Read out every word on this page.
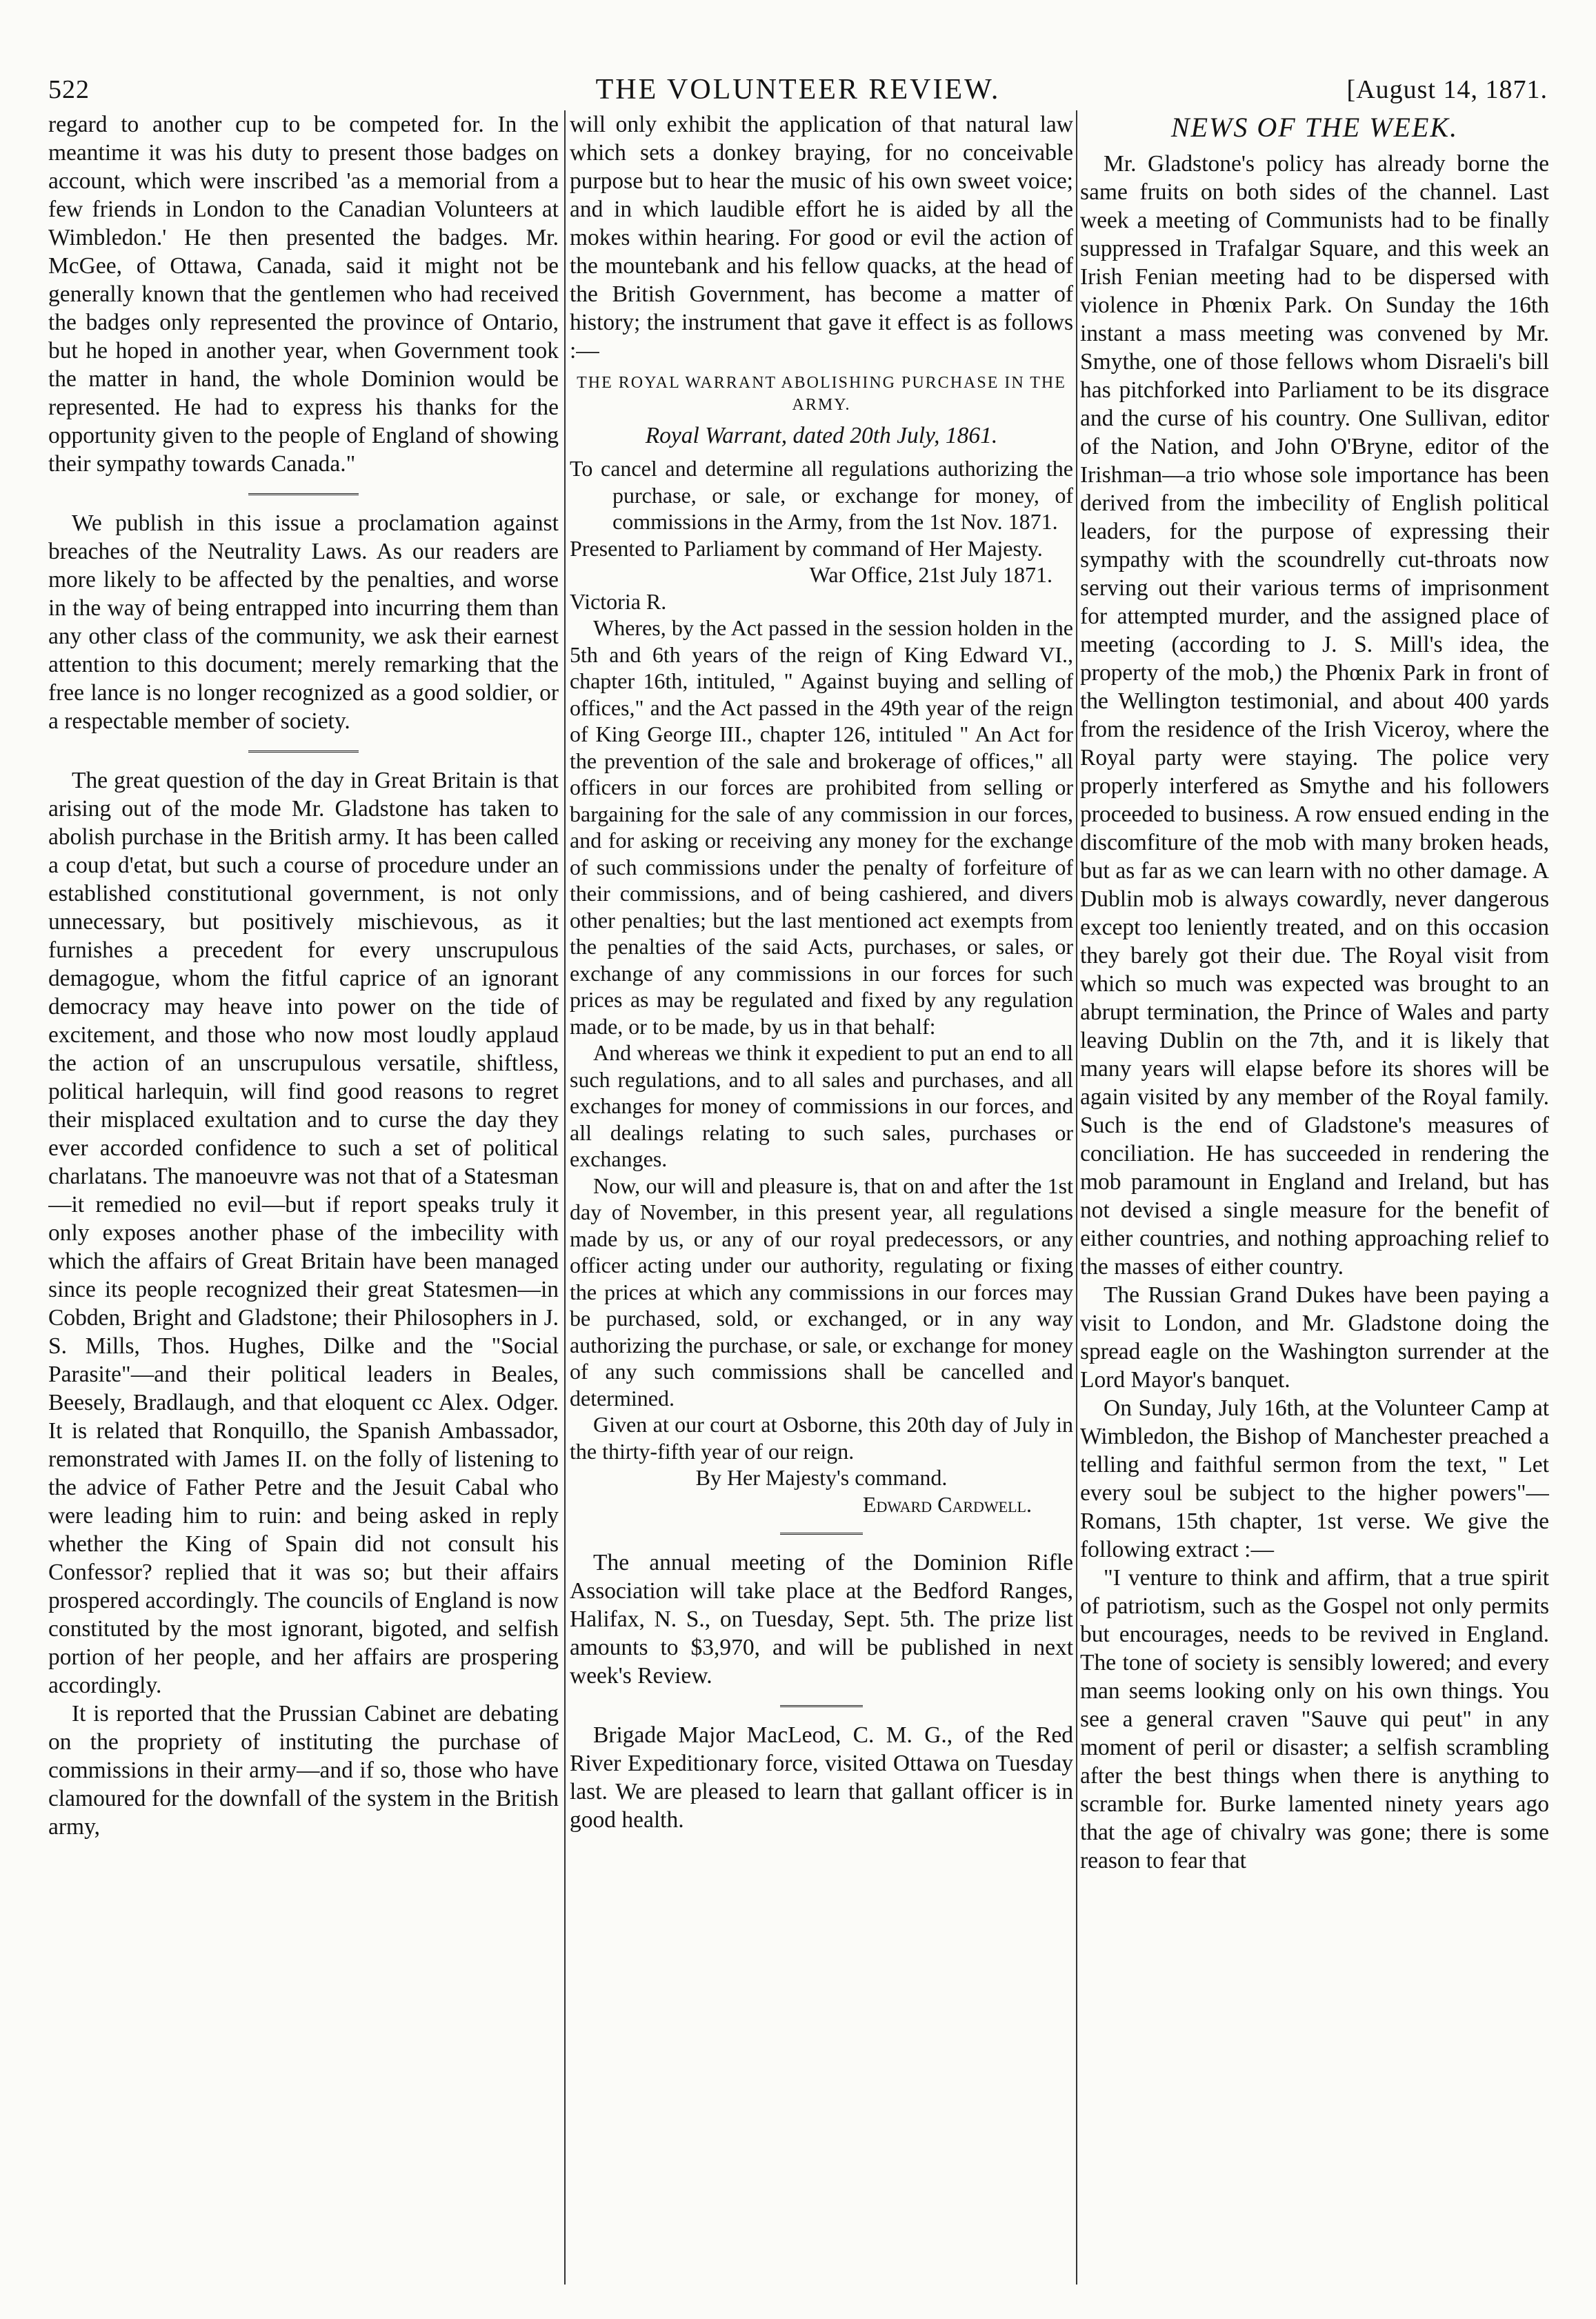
522	THE VOLUNTEER REVIEW.	[August 14, 1871.

regard to another cup to be competed for. In the meantime it was his duty to present those badges on account, which were inscribed 'as a memorial from a few friends in London to the Canadian Volunteers at Wimbledon.' He then presented the badges. Mr. McGee, of Ottawa, Canada, said it might not be generally known that the gentlemen who had received the badges only represented the province of Ontario, but he hoped in another year, when Government took the matter in hand, the whole Dominion would be represented. He had to express his thanks for the opportunity given to the people of England of showing their sympathy towards Canada."

We publish in this issue a proclamation against breaches of the Neutrality Laws. As our readers are more likely to be affected by the penalties, and worse in the way of being entrapped into incurring them than any other class of the community, we ask their earnest attention to this document; merely remarking that the free lance is no longer recognized as a good soldier, or a respectable member of society.

The great question of the day in Great Britain is that arising out of the mode Mr. Gladstone has taken to abolish purchase in the British army. It has been called a coup d'etat, but such a course of procedure under an established constitutional government, is not only unnecessary, but positively mischievous, as it furnishes a precedent for every unscrupulous demagogue, whom the fitful caprice of an ignorant democracy may heave into power on the tide of excitement, and those who now most loudly applaud the action of an unscrupulous versatile, shiftless, political harlequin, will find good reasons to regret their misplaced exultation and to curse the day they ever accorded confidence to such a set of political charlatans. The manoeuvre was not that of a Statesman—it remedied no evil—but if report speaks truly it only exposes another phase of the imbecility with which the affairs of Great Britain have been managed since its people recognized their great Statesmen—in Cobden, Bright and Gladstone; their Philosophers in J. S. Mills, Thos. Hughes, Dilke and the "Social Parasite"—and their political leaders in Beales, Beesely, Bradlaugh, and that eloquent cc Alex. Odger. It is related that Ronquillo, the Spanish Ambassador, remonstrated with James II. on the folly of listening to the advice of Father Petre and the Jesuit Cabal who were leading him to ruin: and being asked in reply whether the King of Spain did not consult his Confessor? replied that it was so; but their affairs prospered accordingly. The councils of England is now constituted by the most ignorant, bigoted, and selfish portion of her people, and her affairs are prospering accordingly.

It is reported that the Prussian Cabinet are debating on the propriety of instituting the purchase of commissions in their army—and if so, those who have clamoured for the downfall of the system in the British army,

will only exhibit the application of that natural law which sets a donkey braying, for no conceivable purpose but to hear the music of his own sweet voice; and in which laudible effort he is aided by all the mokes within hearing. For good or evil the action of the mountebank and his fellow quacks, at the head of the British Government, has become a matter of history; the instrument that gave it effect is as follows :—

THE ROYAL WARRANT ABOLISHING PURCHASE IN THE ARMY.

Royal Warrant, dated 20th July, 1861.

To cancel and determine all regulations authorizing the purchase, or sale, or exchange for money, of commissions in the Army, from the 1st Nov. 1871.

Presented to Parliament by command of Her Majesty.

War Office, 21st July 1871.

Victoria R.

Wheres, by the Act passed in the session holden in the 5th and 6th years of the reign of King Edward VI., chapter 16th, intituled, " Against buying and selling of offices," and the Act passed in the 49th year of the reign of King George III., chapter 126, intituled " An Act for the prevention of the sale and brokerage of offices," all officers in our forces are prohibited from selling or bargaining for the sale of any commission in our forces, and for asking or receiving any money for the exchange of such commissions under the penalty of forfeiture of their commissions, and of being cashiered, and divers other penalties; but the last mentioned act exempts from the penalties of the said Acts, purchases, or sales, or exchange of any commissions in our forces for such prices as may be regulated and fixed by any regulation made, or to be made, by us in that behalf:

And whereas we think it expedient to put an end to all such regulations, and to all sales and purchases, and all exchanges for money of commissions in our forces, and all dealings relating to such sales, purchases or exchanges.

Now, our will and pleasure is, that on and after the 1st day of November, in this present year, all regulations made by us, or any of our royal predecessors, or any officer acting under our authority, regulating or fixing the prices at which any commissions in our forces may be purchased, sold, or exchanged, or in any way authorizing the purchase, or sale, or exchange for money of any such commissions shall be cancelled and determined.

Given at our court at Osborne, this 20th day of July in the thirty-fifth year of our reign.

By Her Majesty's command.

Edward Cardwell.

The annual meeting of the Dominion Rifle Association will take place at the Bedford Ranges, Halifax, N. S., on Tuesday, Sept. 5th. The prize list amounts to $3,970, and will be published in next week's Review.

Brigade Major MacLeod, C. M. G., of the Red River Expeditionary force, visited Ottawa on Tuesday last. We are pleased to learn that gallant officer is in good health.

NEWS OF THE WEEK.

Mr. Gladstone's policy has already borne the same fruits on both sides of the channel. Last week a meeting of Communists had to be finally suppressed in Trafalgar Square, and this week an Irish Fenian meeting had to be dispersed with violence in Phœnix Park. On Sunday the 16th instant a mass meeting was convened by Mr. Smythe, one of those fellows whom Disraeli's bill has pitchforked into Parliament to be its disgrace and the curse of his country. One Sullivan, editor of the Nation, and John O'Bryne, editor of the Irishman—a trio whose sole importance has been derived from the imbecility of English political leaders, for the purpose of expressing their sympathy with the scoundrelly cut-throats now serving out their various terms of imprisonment for attempted murder, and the assigned place of meeting (according to J. S. Mill's idea, the property of the mob,) the Phœnix Park in front of the Wellington testimonial, and about 400 yards from the residence of the Irish Viceroy, where the Royal party were staying. The police very properly interfered as Smythe and his followers proceeded to business. A row ensued ending in the discomfiture of the mob with many broken heads, but as far as we can learn with no other damage. A Dublin mob is always cowardly, never dangerous except too leniently treated, and on this occasion they barely got their due. The Royal visit from which so much was expected was brought to an abrupt termination, the Prince of Wales and party leaving Dublin on the 7th, and it is likely that many years will elapse before its shores will be again visited by any member of the Royal family. Such is the end of Gladstone's measures of conciliation. He has succeeded in rendering the mob paramount in England and Ireland, but has not devised a single measure for the benefit of either countries, and nothing approaching relief to the masses of either country.

The Russian Grand Dukes have been paying a visit to London, and Mr. Gladstone doing the spread eagle on the Washington surrender at the Lord Mayor's banquet.

On Sunday, July 16th, at the Volunteer Camp at Wimbledon, the Bishop of Manchester preached a telling and faithful sermon from the text, " Let every soul be subject to the higher powers"—Romans, 15th chapter, 1st verse. We give the following extract :—

"I venture to think and affirm, that a true spirit of patriotism, such as the Gospel not only permits but encourages, needs to be revived in England. The tone of society is sensibly lowered; and every man seems looking only on his own things. You see a general craven "Sauve qui peut" in any moment of peril or disaster; a selfish scrambling after the best things when there is anything to scramble for. Burke lamented ninety years ago that the age of chivalry was gone; there is some reason to fear that
